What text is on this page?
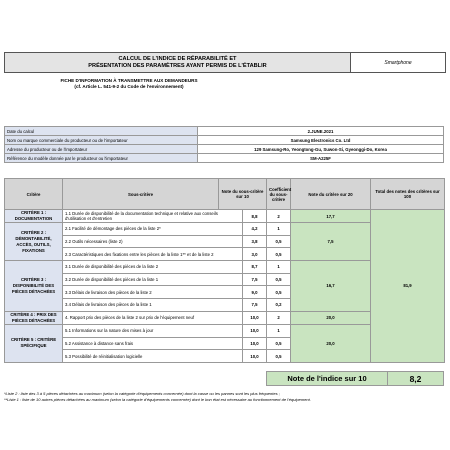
CALCUL DE L'INDICE DE RÉPARABILITÉ ET
PRÉSENTATION DES PARAMÈTRES AYANT PERMIS DE L'ÉTABLIR	Smartphone
FICHE D'INFORMATION À TRANSMETTRE AUX DEMANDEURS
(cf. Article L. 541-9-2 du Code de l'environnement)
Date du calcul	2.JUNE.2021
Nom ou marque commerciale du producteur ou de l'importateur	Samsung Electronics Co. Ltd
Adresse du producteur ou de l'importateur	129 Samsung-Ro, Yeongtong-Gu, Suwon-Si, Gyeonggi-Do, Korea
Référence du modèle donnée par le producteur ou l'importateur	SM-A225F
Critère	Sous-critère	Note du sous-critère sur 10		Coefficient du sous-critère	Note du critère sur 20	Total des notes des critères sur 100
CRITÈRE 1 : DOCUMENTATION	1.1 Durée de disponibilité de la documentation technique et relative aux conseils d'utilisation et d'entretien		8,8	2	17,7	81,9
CRITÈRE 2 : DÉMONTABILITÉ, ACCÈS, OUTILS, FIXATIONS	2.1 Facilité de démontage des pièces de la liste 2*		4,2	1	7,5	
	2.2 Outils nécessaires (liste 2)		3,8	0,5		
	2.3 Caractéristiques des fixations entre les pièces de la liste 1** et de la liste 2		3,0	0,5		
CRITÈRE 3 : DISPONIBILITÉ DES PIÈCES DÉTACHÉES	3.1 Durée de disponibilité des pièces de la liste 2		8,7	1	16,7	
	3.2 Durée de disponibilité des pièces de la liste 1		7,5	0,5		
	3.3 Délais de livraison des pièces de la liste 2		9,0	0,5		
	3.4 Délais de livraison des pièces de la liste 1		7,5	0,2		
CRITÈRE 4 : PRIX DES PIÈCES DÉTACHÉES	4. Rapport prix des pièces de la liste 2 sur prix de l'équipement neuf		10,0	2	20,0	
CRITÈRE 5 : CRITÈRE SPÉCIFIQUE	5.1 Informations sur la nature des mises à jour		10,0	1	20,0	
	5.2 Assistance à distance sans frais		10,0	0,5		
	5.3 Possibilité de réinitialisation logicielle		10,0	0,5		
Note de l'indice sur 10	8,2
*Liste 2 : liste des 3 à 5 pièces détachées au maximum (selon la catégorie d'équipements concernée) dont la casse ou les pannes sont les plus fréquentes ;
**Liste 1 : liste de 10 autres pièces détachées au maximum (selon la catégorie d'équipements concernée) dont le bon état est nécessaire au fonctionnement de l'équipement.
